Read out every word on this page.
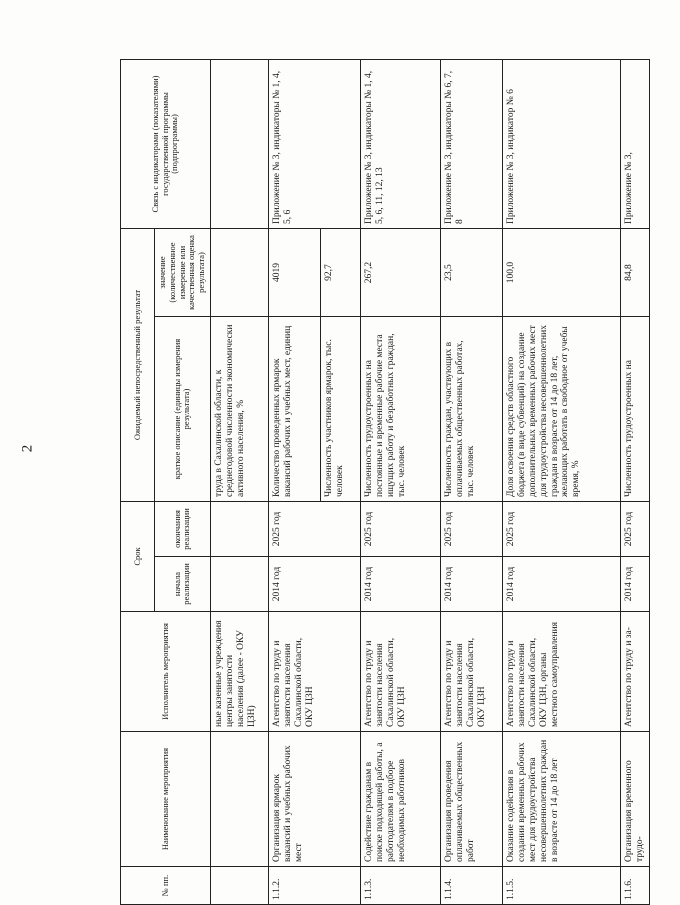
2
№ пп.	Наименование мероприятия	Исполнитель мероприятия	Срок		Ожидаемый непосредственный результат		Связь с индикаторами (показателями) государственной программы (подпрограммы)
			начала реализации	окончания реализации	краткое описание (единицы измерения результата)	значение (количественное измерение или качественная оценка результата)	
		ные казенные учреждения центры занятости населения (далее - ОКУ ЦЗН)			труда в Сахалинской области, к среднегодовой численности экономически активного населения, %		
1.1.2.	Организация ярмарок вакансий и учебных рабочих мест	Агентство по труду и занятости населения Сахалинской области, ОКУ ЦЗН	2014 год	2025 год	Количество проведенных ярмарок вакансий рабочих и учебных мест, единиц	4019	Приложение № 3, индикаторы № 1, 4, 5, 6
					Численность участников ярмарок, тыс. человек	92,7	
1.1.3.	Содействие гражданам в поиске подходящей работы, а работодателям в подборе необходимых работников	Агентство по труду и занятости населения Сахалинской области, ОКУ ЦЗН	2014 год	2025 год	Численность трудоустроенных на постоянные и временные рабочие места ищущих работу и безработных граждан, тыс. человек	267,2	Приложение № 3, индикаторы № 1, 4, 5, 6, 11, 12, 13
1.1.4.	Организация проведения оплачиваемых общественных работ	Агентство по труду и занятости населения Сахалинской области, ОКУ ЦЗН	2014 год	2025 год	Численность граждан, участвующих в оплачиваемых общественных работах, тыс. человек	23,5	Приложение № 3, индикаторы № 6, 7, 8
1.1.5.	Оказание содействия в создании временных рабочих мест для трудоустройства несовершеннолетних граждан в возрасте от 14 до 18 лет	Агентство по труду и занятости населения Сахалинской области, ОКУ ЦЗН, органы местного самоуправления	2014 год	2025 год	Доля освоения средств областного бюджета (в виде субвенций) на создание дополнительных временных рабочих мест для трудоустройства несовершеннолетних граждан в возрасте от 14 до 18 лет, желающих работать в свободное от учебы время, %	100,0	Приложение № 3, индикатор № 6
1.1.6.	Организация временного трудо-	Агентство по труду и за-	2014 год	2025 год	Численность трудоустроенных на	84,8	Приложение № 3,
